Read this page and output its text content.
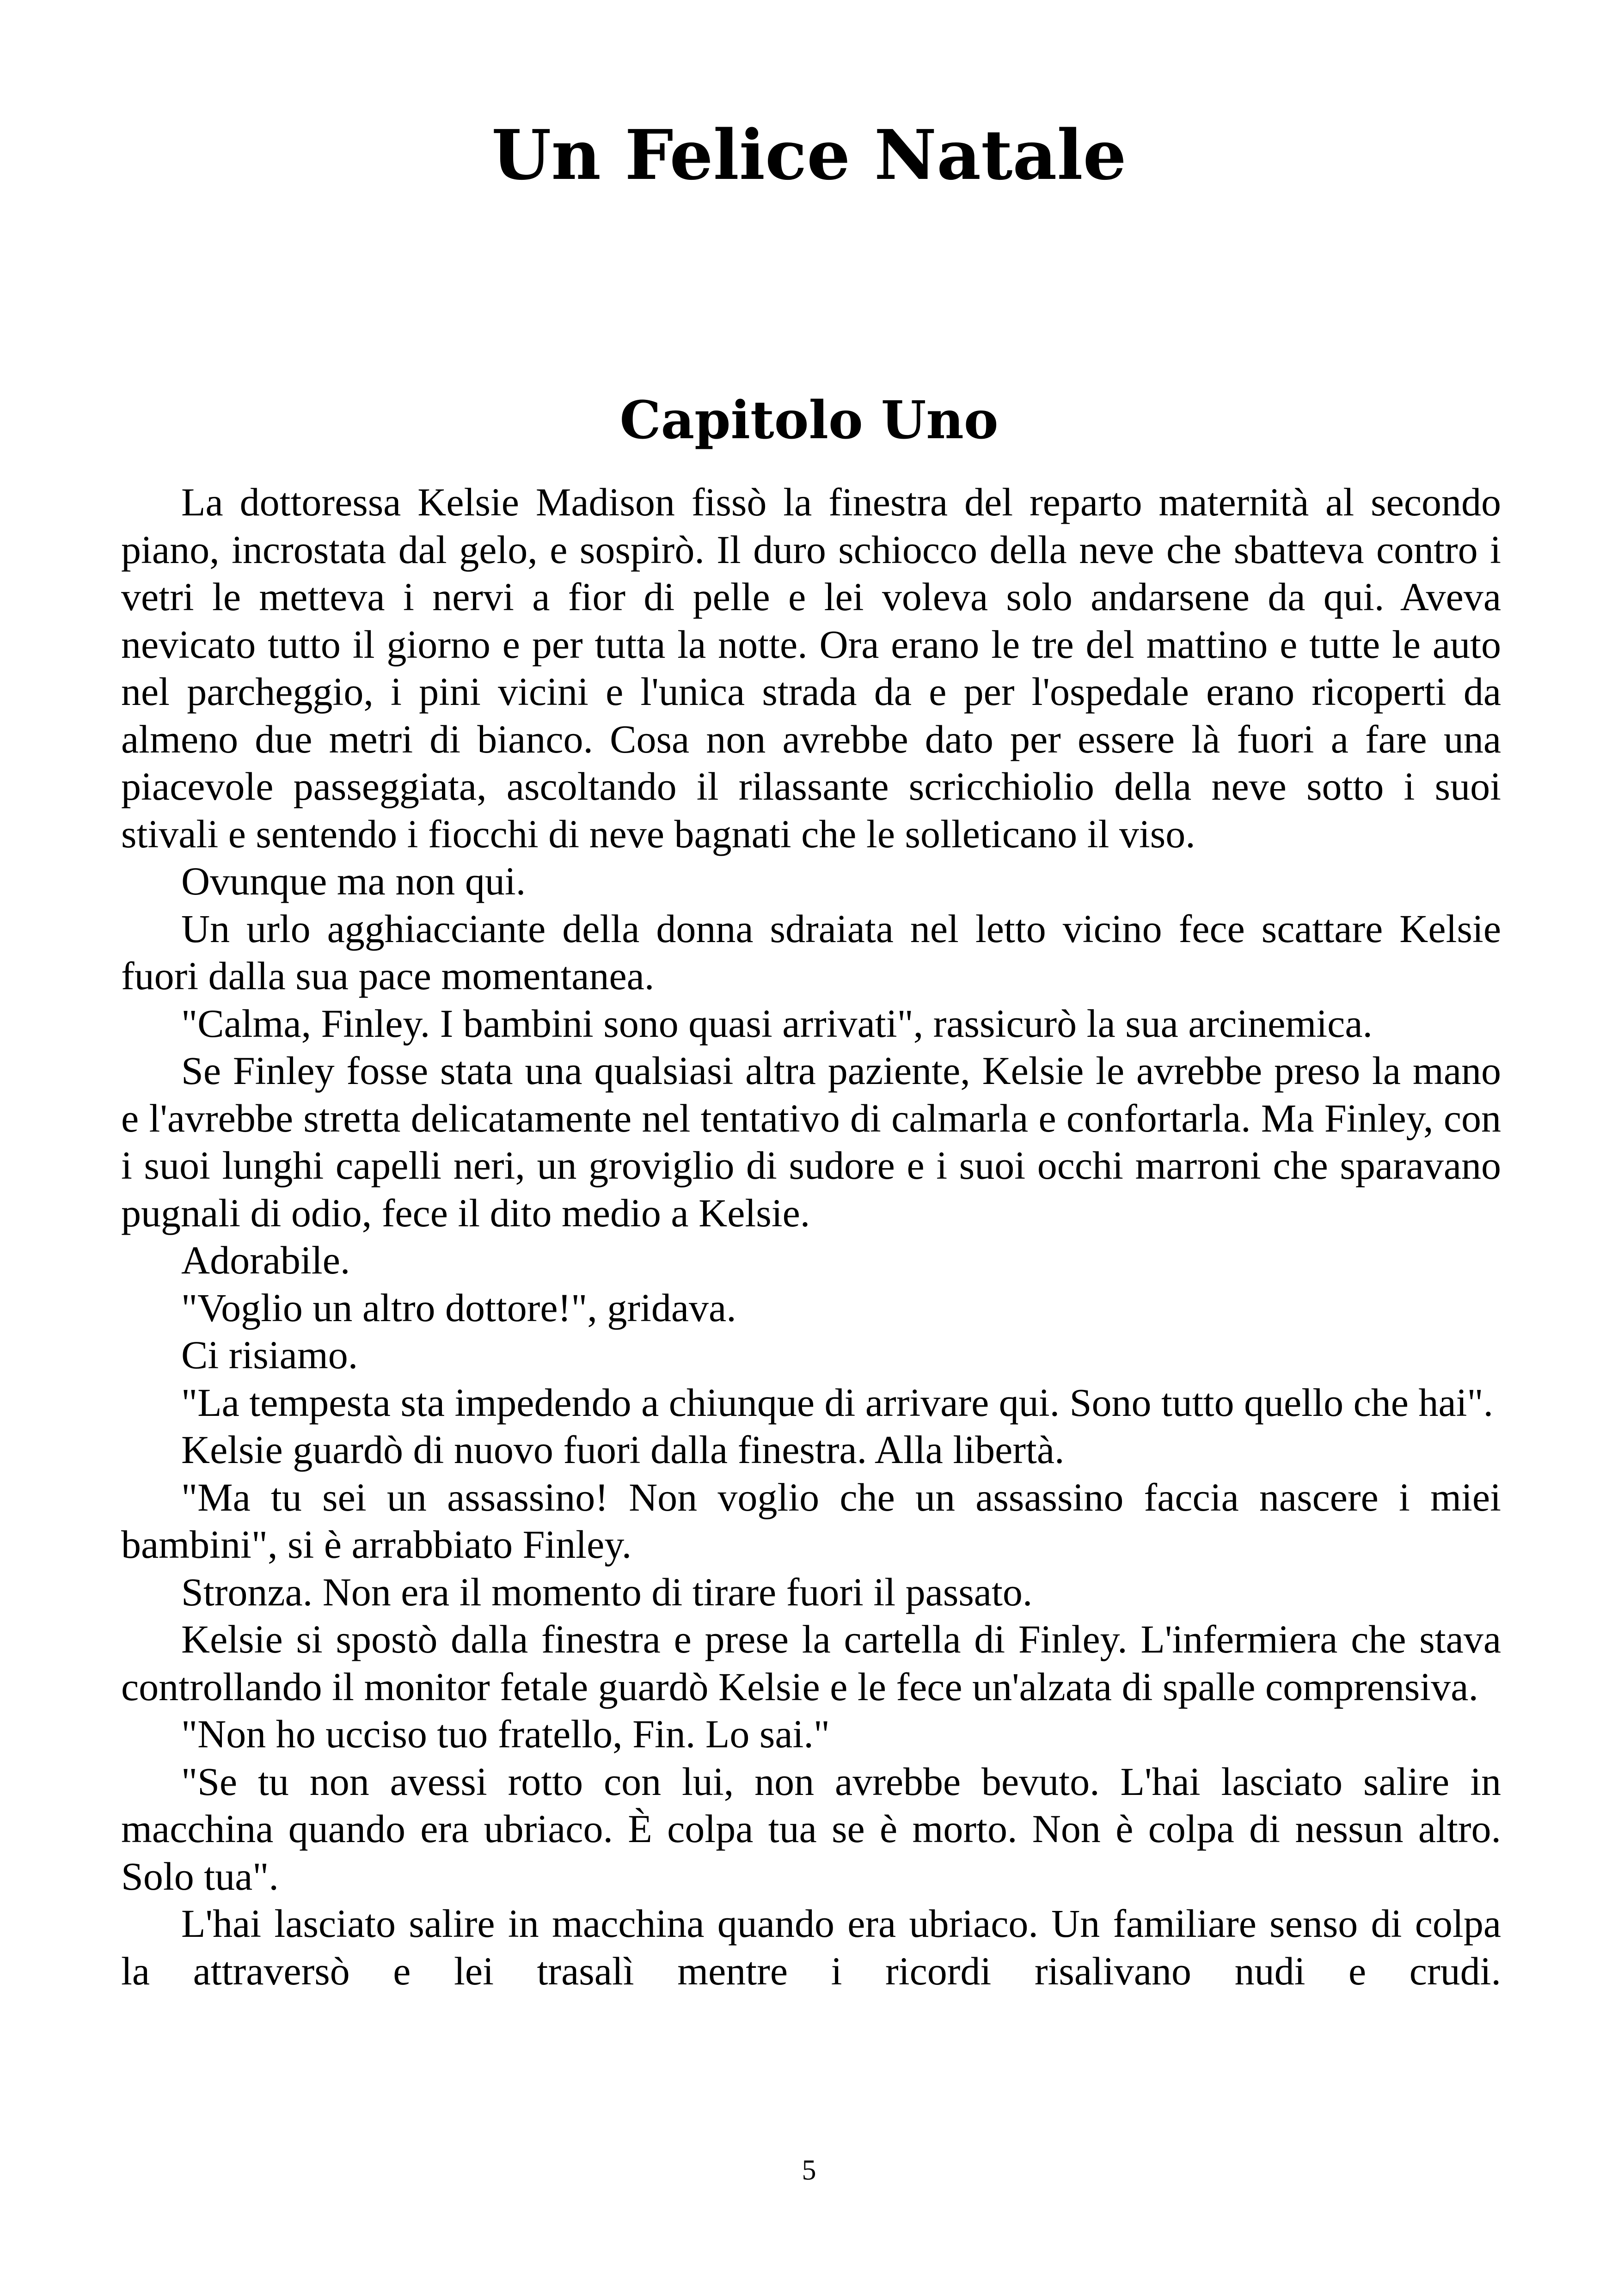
Un Felice Natale
Capitolo Uno

La dottoressa Kelsie Madison fissò la finestra del reparto maternità al secondo piano, incrostata dal gelo, e sospirò. Il duro schiocco della neve che sbatteva contro i vetri le metteva i nervi a fior di pelle e lei voleva solo andarsene da qui. Aveva nevicato tutto il giorno e per tutta la notte. Ora erano le tre del mattino e tutte le auto nel parcheggio, i pini vicini e l'unica strada da e per l'ospedale erano ricoperti da almeno due metri di bianco. Cosa non avrebbe dato per essere là fuori a fare una piacevole passeggiata, ascoltando il rilassante scricchiolio della neve sotto i suoi stivali e sentendo i fiocchi di neve bagnati che le solleticano il viso.

Ovunque ma non qui.

Un urlo agghiacciante della donna sdraiata nel letto vicino fece scattare Kelsie fuori dalla sua pace momentanea.

"Calma, Finley. I bambini sono quasi arrivati", rassicurò la sua arcinemica.

Se Finley fosse stata una qualsiasi altra paziente, Kelsie le avrebbe preso la mano e l'avrebbe stretta delicatamente nel tentativo di calmarla e confortarla. Ma Finley, con i suoi lunghi capelli neri, un groviglio di sudore e i suoi occhi marroni che sparavano pugnali di odio, fece il dito medio a Kelsie.

Adorabile.

"Voglio un altro dottore!", gridava.

Ci risiamo.

"La tempesta sta impedendo a chiunque di arrivare qui. Sono tutto quello che hai".

Kelsie guardò di nuovo fuori dalla finestra. Alla libertà.

"Ma tu sei un assassino! Non voglio che un assassino faccia nascere i miei bambini", si è arrabbiato Finley.

Stronza. Non era il momento di tirare fuori il passato.

Kelsie si spostò dalla finestra e prese la cartella di Finley. L'infermiera che stava controllando il monitor fetale guardò Kelsie e le fece un'alzata di spalle comprensiva.

"Non ho ucciso tuo fratello, Fin. Lo sai."

"Se tu non avessi rotto con lui, non avrebbe bevuto. L'hai lasciato salire in macchina quando era ubriaco. È colpa tua se è morto. Non è colpa di nessun altro. Solo tua".

L'hai lasciato salire in macchina quando era ubriaco. Un familiare senso di colpa la attraversò e lei trasalì mentre i ricordi risalivano nudi e crudi.

5
